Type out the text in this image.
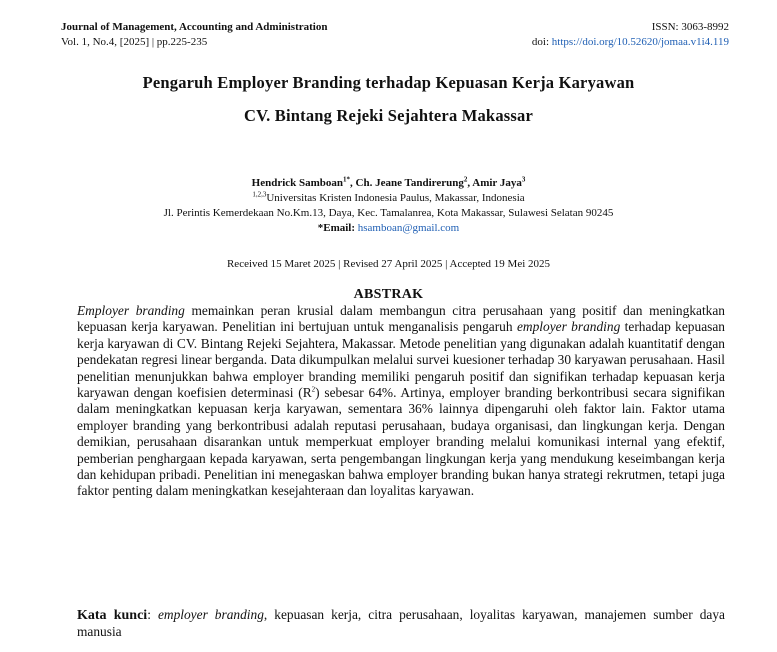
Journal of Management, Accounting and Administration
Vol. 1, No.4, [2025] | pp.225-235
ISSN: 3063-8992
doi: https://doi.org/10.52620/jomaa.v1i4.119
Pengaruh Employer Branding terhadap Kepuasan Kerja Karyawan
CV. Bintang Rejeki Sejahtera Makassar
Hendrick Samboan$^{1*}$, Ch. Jeane Tandirerung$^2$, Amir Jaya$^3$
$^{1,2,3}$Universitas Kristen Indonesia Paulus, Makassar, Indonesia
Jl. Perintis Kemerdekaan No.Km.13, Daya, Kec. Tamalanrea, Kota Makassar, Sulawesi Selatan 90245
*Email: hsamboan@gmail.com
Received 15 Maret 2025 | Revised 27 April 2025 | Accepted 19 Mei 2025
ABSTRAK
Employer branding memainkan peran krusial dalam membangun citra perusahaan yang positif dan meningkatkan kepuasan kerja karyawan. Penelitian ini bertujuan untuk menganalisis pengaruh employer branding terhadap kepuasan kerja karyawan di CV. Bintang Rejeki Sejahtera, Makassar. Metode penelitian yang digunakan adalah kuantitatif dengan pendekatan regresi linear berganda. Data dikumpulkan melalui survei kuesioner terhadap 30 karyawan perusahaan. Hasil penelitian menunjukkan bahwa employer branding memiliki pengaruh positif dan signifikan terhadap kepuasan kerja karyawan dengan koefisien determinasi $(R^2)$ sebesar 64%. Artinya, employer branding berkontribusi secara signifikan dalam meningkatkan kepuasan kerja karyawan, sementara 36% lainnya dipengaruhi oleh faktor lain. Faktor utama employer branding yang berkontribusi adalah reputasi perusahaan, budaya organisasi, dan lingkungan kerja. Dengan demikian, perusahaan disarankan untuk memperkuat employer branding melalui komunikasi internal yang efektif, pemberian penghargaan kepada karyawan, serta pengembangan lingkungan kerja yang mendukung keseimbangan kerja dan kehidupan pribadi. Penelitian ini menegaskan bahwa employer branding bukan hanya strategi rekrutmen, tetapi juga faktor penting dalam meningkatkan kesejahteraan dan loyalitas karyawan.
Kata kunci: employer branding, kepuasan kerja, citra perusahaan, loyalitas karyawan, manajemen sumber daya manusia
